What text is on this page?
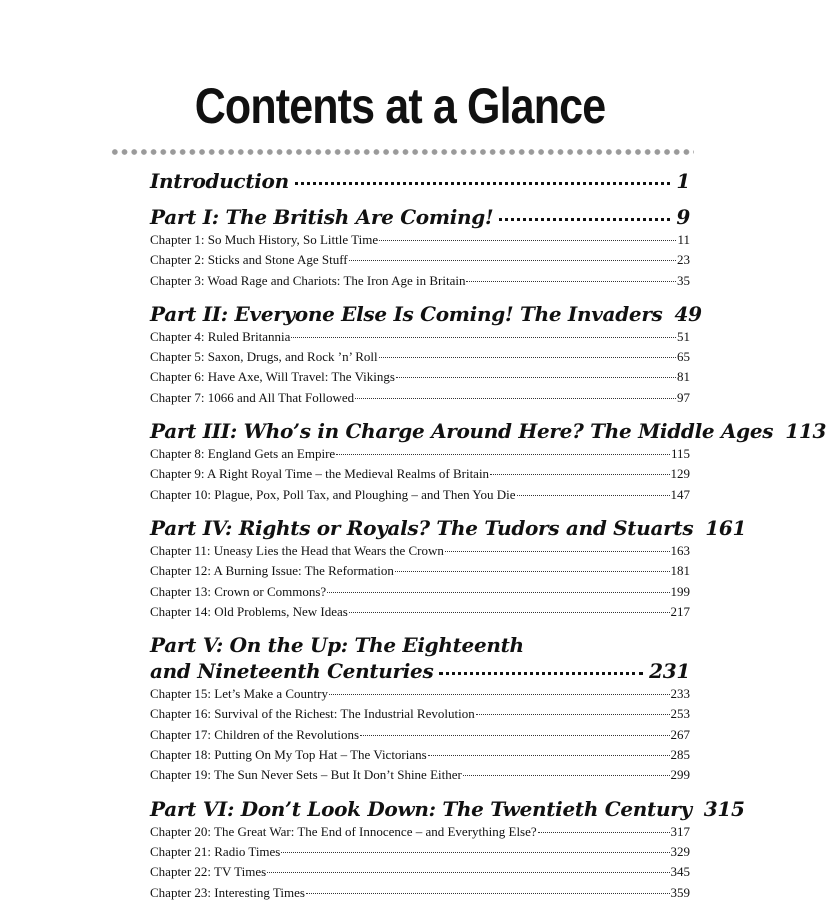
Contents at a Glance
Introduction	1
Part I: The British Are Coming!	9
Chapter 1: So Much History, So Little Time	11
Chapter 2: Sticks and Stone Age Stuff	23
Chapter 3: Woad Rage and Chariots: The Iron Age in Britain	35
Part II: Everyone Else Is Coming! The Invaders 49
Chapter 4: Ruled Britannia	51
Chapter 5: Saxon, Drugs, and Rock ’n’ Roll	65
Chapter 6: Have Axe, Will Travel: The Vikings	81
Chapter 7: 1066 and All That Followed	97
Part III: Who’s in Charge Around Here? The Middle Ages 113
Chapter 8: England Gets an Empire	115
Chapter 9: A Right Royal Time – the Medieval Realms of Britain	129
Chapter 10: Plague, Pox, Poll Tax, and Ploughing – and Then You Die	147
Part IV: Rights or Royals? The Tudors and Stuarts 161
Chapter 11: Uneasy Lies the Head that Wears the Crown	163
Chapter 12: A Burning Issue: The Reformation	181
Chapter 13: Crown or Commons?	199
Chapter 14: Old Problems, New Ideas	217
Part V: On the Up: The Eighteenth
and Nineteenth Centuries	231
Chapter 15: Let’s Make a Country	233
Chapter 16: Survival of the Richest: The Industrial Revolution	253
Chapter 17: Children of the Revolutions	267
Chapter 18: Putting On My Top Hat – The Victorians	285
Chapter 19: The Sun Never Sets – But It Don’t Shine Either	299
Part VI: Don’t Look Down: The Twentieth Century 315
Chapter 20: The Great War: The End of Innocence – and Everything Else?	317
Chapter 21: Radio Times	329
Chapter 22: TV Times	345
Chapter 23: Interesting Times	359
